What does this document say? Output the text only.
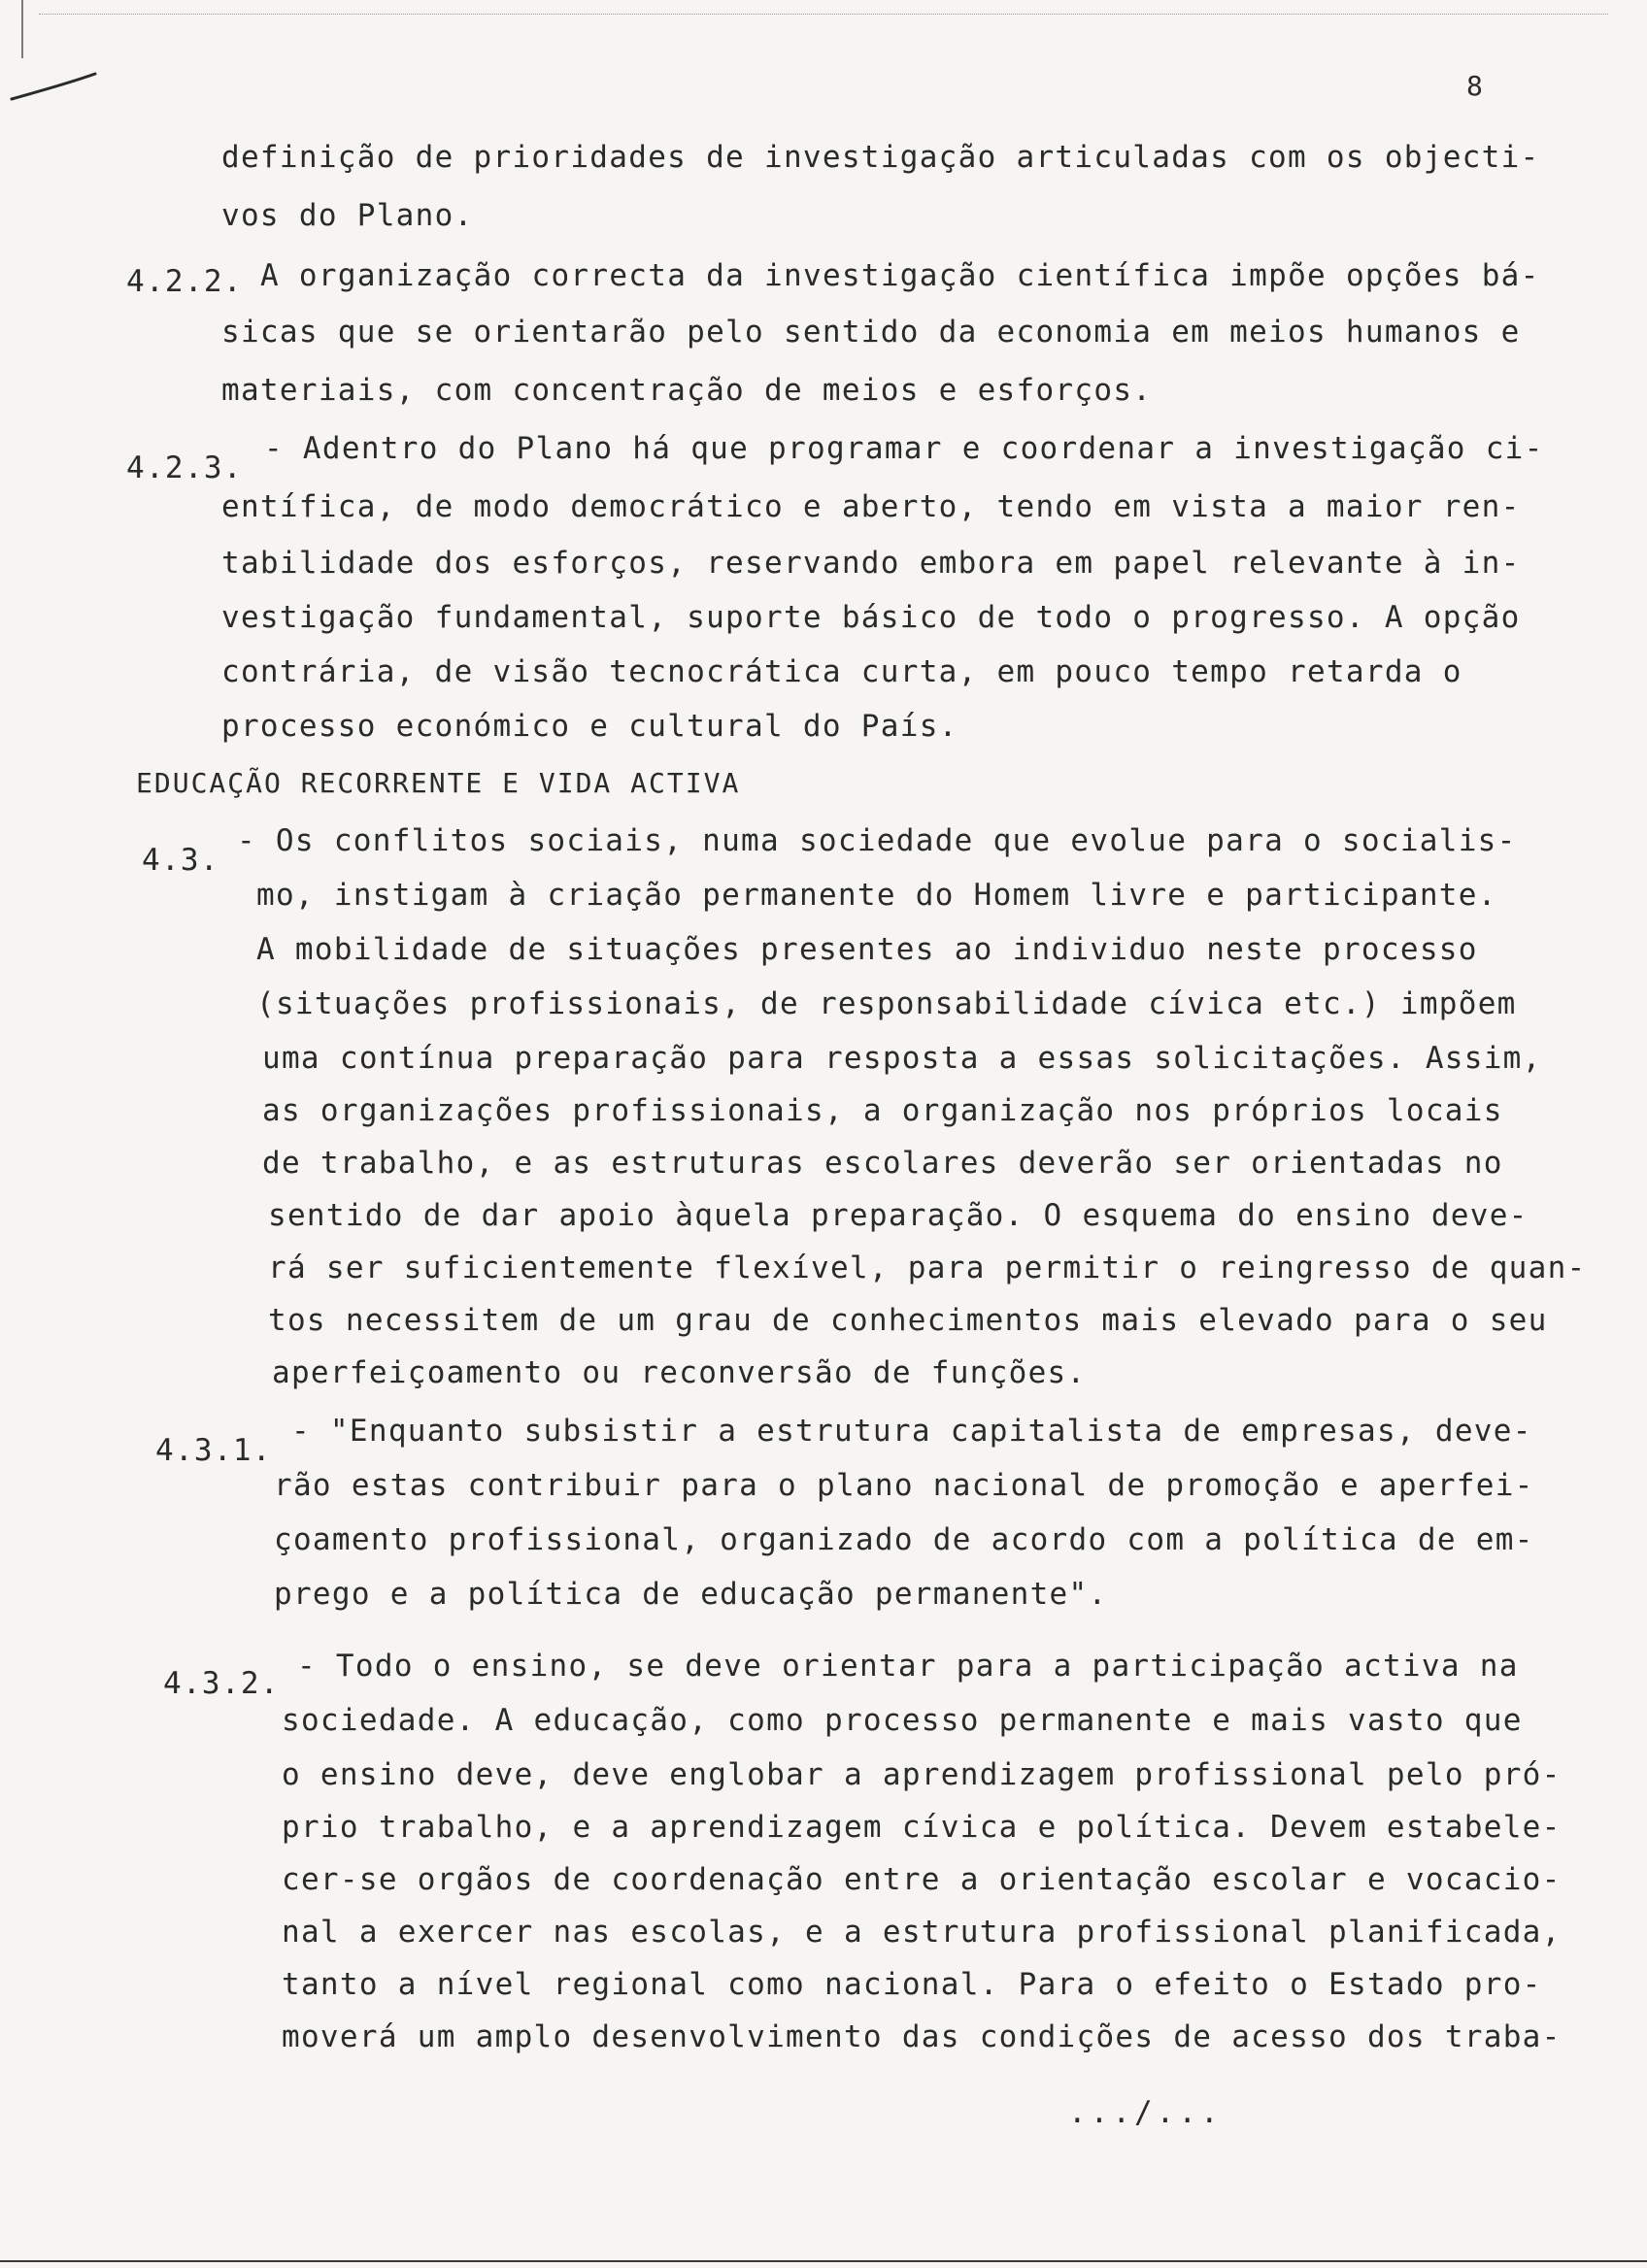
8
definição de prioridades de investigação articuladas com os objecti-
vos do Plano.
4.2.2. A organização correcta da investigação científica impõe opções bá-
sicas que se orientarão pelo sentido da economia em meios humanos e
materiais, com concentração de meios e esforços.
4.2.3.
- Adentro do Plano há que programar e coordenar a investigação ci-
entífica, de modo democrático e aberto, tendo em vista a maior ren-
tabilidade dos esforços, reservando embora em papel relevante à in-
vestigação fundamental, suporte básico de todo o progresso. A opção
contrária, de visão tecnocrática curta, em pouco tempo retarda o
processo económico e cultural do País.
EDUCAÇÃO RECORRENTE E VIDA ACTIVA
4.3.
- Os conflitos sociais, numa sociedade que evolue para o socialis-
mo, instigam à criação permanente do Homem livre e participante.
A mobilidade de situações presentes ao individuo neste processo
(situações profissionais, de responsabilidade cívica etc.) impõem
uma contínua preparação para resposta a essas solicitações. Assim,
as organizações profissionais, a organização nos próprios locais
de trabalho, e as estruturas escolares deverão ser orientadas no
sentido de dar apoio àquela preparação. O esquema do ensino deve-
rá ser suficientemente flexível, para permitir o reingresso de quan-
tos necessitem de um grau de conhecimentos mais elevado para o seu
aperfeiçoamento ou reconversão de funções.
4.3.1.
- "Enquanto subsistir a estrutura capitalista de empresas, deve-
rão estas contribuir para o plano nacional de promoção e aperfei-
çoamento profissional, organizado de acordo com a política de em-
prego e a política de educação permanente".
4.3.2. - Todo o ensino, se deve orientar para a participação activa na
sociedade. A educação, como processo permanente e mais vasto que
o ensino deve, deve englobar a aprendizagem profissional pelo pró-
prio trabalho, e a aprendizagem cívica e política. Devem estabele-
cer-se orgãos de coordenação entre a orientação escolar e vocacio-
nal a exercer nas escolas, e a estrutura profissional planificada,
tanto a nível regional como nacional. Para o efeito o Estado pro-
moverá um amplo desenvolvimento das condições de acesso dos traba-
.../...
